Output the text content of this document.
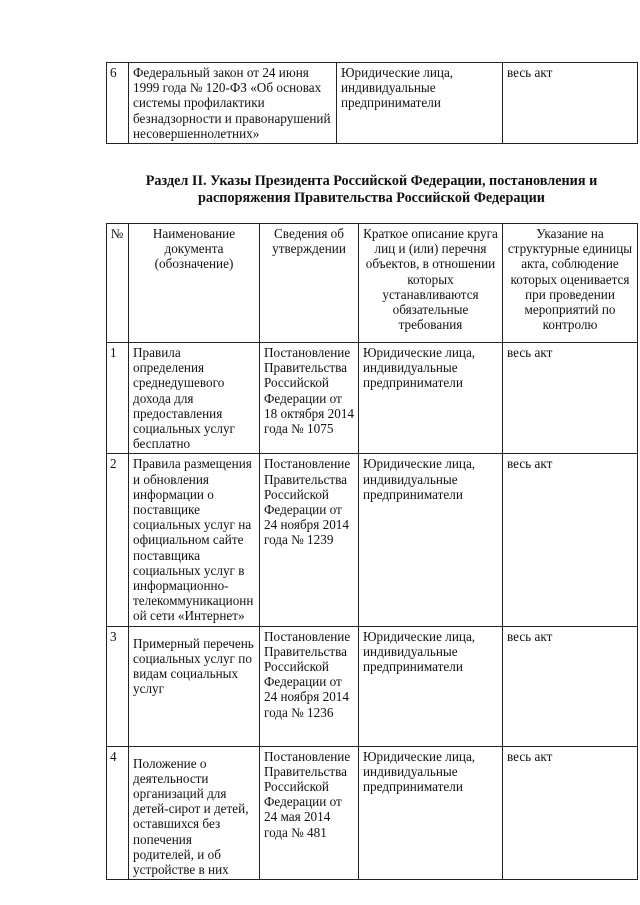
6	Федеральный закон от 24 июня 1999 года № 120-ФЗ «Об основах системы профилактики безнадзорности и правонарушений несовершеннолетних»	Юридические лица, индивидуальные предприниматели	весь акт
Раздел II. Указы Президента Российской Федерации, постановления и
распоряжения Правительства Российской Федерации
№	Наименование документа (обозначение)	Сведения об утверждении	Краткое описание круга лиц и (или) перечня объектов, в отношении которых устанавливаются обязательные требования	Указание на структурные единицы акта, соблюдение которых оценивается при проведении мероприятий по контролю
1	Правила определения среднедушевого дохода для предоставления социальных услуг бесплатно	Постановление Правительства Российской Федерации от 18 октября 2014 года № 1075	Юридические лица, индивидуальные предприниматели	весь акт
2	Правила размещения и обновления информации о поставщике социальных услуг на официальном сайте поставщика социальных услуг в информационно-телекоммуникационной сети «Интернет»	Постановление Правительства Российской Федерации от 24 ноября 2014 года № 1239	Юридические лица, индивидуальные предприниматели	весь акт
3	Примерный перечень социальных услуг по видам социальных услуг	Постановление Правительства Российской Федерации от 24 ноября 2014 года № 1236	Юридические лица, индивидуальные предприниматели	весь акт
4	Положение о деятельности организаций для детей-сирот и детей, оставшихся без попечения родителей, и об устройстве в них	Постановление Правительства Российской Федерации от 24 мая 2014 года № 481	Юридические лица, индивидуальные предприниматели	весь акт
